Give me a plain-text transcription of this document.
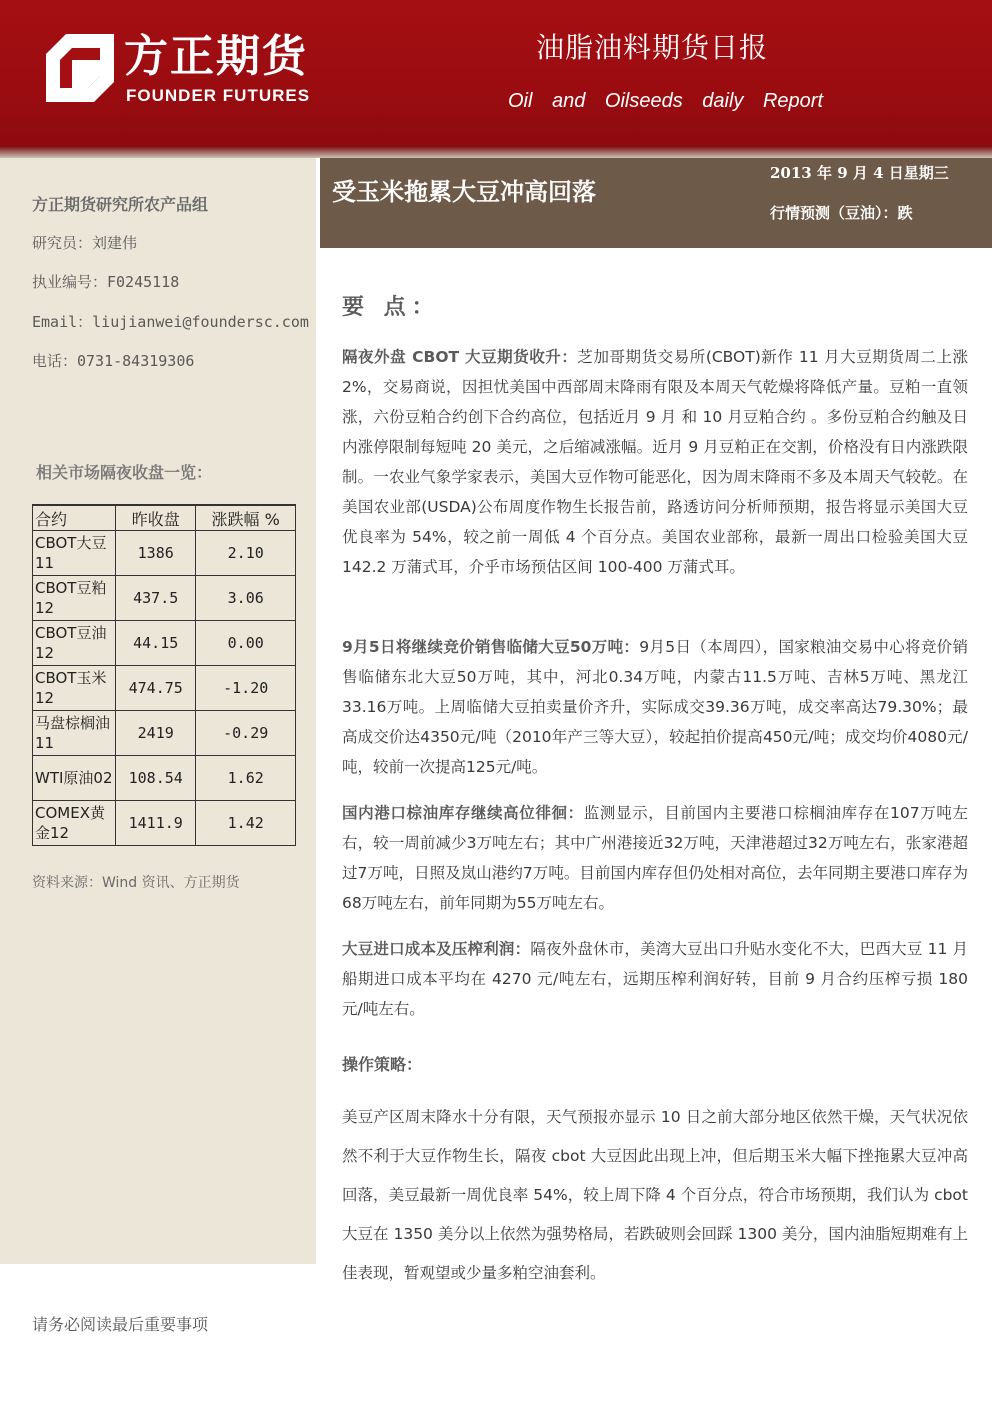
方正期货
FOUNDER FUTURES
油脂油料期货日报
Oil and Oilseeds daily Report
方正期货研究所农产品组
研究员：刘建伟
执业编号：F0245118
Email：liujianwei@foundersc.com
电话：0731-84319306
相关市场隔夜收盘一览：
合约	昨收盘	涨跌幅 %
CBOT大豆11	1386	2.10
CBOT豆粕12	437.5	3.06
CBOT豆油12	44.15	0.00
CBOT玉米12	474.75	-1.20
马盘棕榈油11	2419	-0.29
WTI原油02	108.54	1.62
COMEX黄金12	1411.9	1.42
资料来源：Wind 资讯、方正期货
请务必阅读最后重要事项
受玉米拖累大豆冲高回落
2013 年 9 月 4 日星期三
行情预测（豆油）：跌
要 点：
隔夜外盘 CBOT 大豆期货收升：芝加哥期货交易所(CBOT)新作 11 月大豆期货周二上涨 2%，交易商说，因担忧美国中西部周末降雨有限及本周天气乾燥将降低产量。豆粕一直领涨，六份豆粕合约创下合约高位，包括近月 9 月 和 10 月豆粕合约 。多份豆粕合约触及日内涨停限制每短吨 20 美元，之后缩减涨幅。近月 9 月豆粕正在交割，价格没有日内涨跌限制。一农业气象学家表示，美国大豆作物可能恶化，因为周末降雨不多及本周天气较乾。在美国农业部(USDA)公布周度作物生长报告前，路透访问分析师预期，报告将显示美国大豆优良率为 54%，较之前一周低 4 个百分点。美国农业部称，最新一周出口检验美国大豆 142.2 万蒲式耳，介乎市场预估区间 100-400 万蒲式耳。
9月5日将继续竞价销售临储大豆50万吨：9月5日（本周四），国家粮油交易中心将竞价销售临储东北大豆50万吨，其中，河北0.34万吨，内蒙古11.5万吨、吉林5万吨、黑龙江33.16万吨。上周临储大豆拍卖量价齐升，实际成交39.36万吨，成交率高达79.30%；最高成交价达4350元/吨（2010年产三等大豆），较起拍价提高450元/吨；成交均价4080元/吨，较前一次提高125元/吨。
国内港口棕油库存继续高位徘徊：监测显示，目前国内主要港口棕榈油库存在107万吨左右，较一周前减少3万吨左右；其中广州港接近32万吨，天津港超过32万吨左右，张家港超过7万吨，日照及岚山港约7万吨。目前国内库存但仍处相对高位，去年同期主要港口库存为68万吨左右，前年同期为55万吨左右。
大豆进口成本及压榨利润：隔夜外盘休市，美湾大豆出口升贴水变化不大，巴西大豆 11 月船期进口成本平均在 4270 元/吨左右，远期压榨利润好转，目前 9 月合约压榨亏损 180 元/吨左右。
操作策略：
美豆产区周末降水十分有限，天气预报亦显示 10 日之前大部分地区依然干燥，天气状况依然不利于大豆作物生长，隔夜 cbot 大豆因此出现上冲，但后期玉米大幅下挫拖累大豆冲高回落，美豆最新一周优良率 54%，较上周下降 4 个百分点，符合市场预期，我们认为 cbot 大豆在 1350 美分以上依然为强势格局，若跌破则会回踩 1300 美分，国内油脂短期难有上佳表现，暂观望或少量多粕空油套利。
